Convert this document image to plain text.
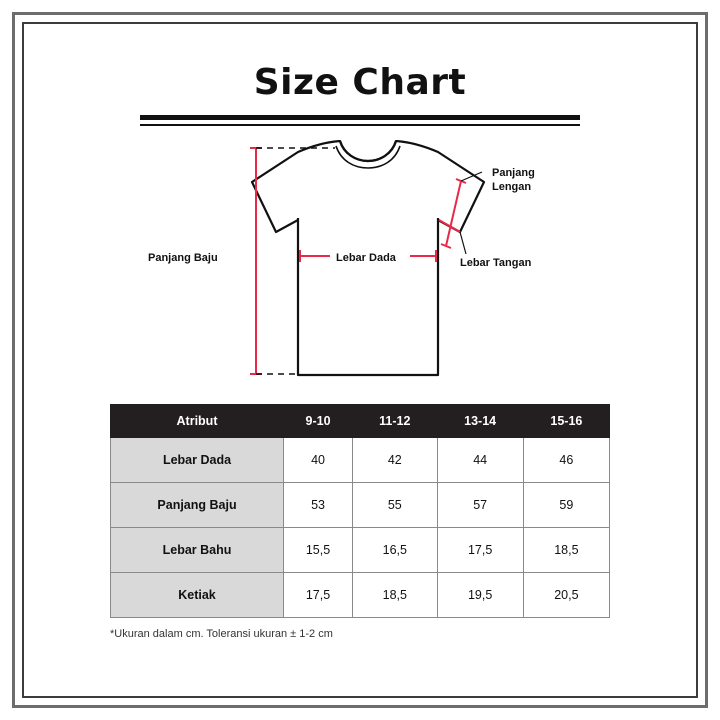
Size Chart
Panjang
Lengan
Lebar Tangan
Lebar Dada
Panjang Baju
Atribut	9-10	11-12	13-14	15-16
Lebar Dada	40	42	44	46
Panjang Baju	53	55	57	59
Lebar Bahu	15,5	16,5	17,5	18,5
Ketiak	17,5	18,5	19,5	20,5
*Ukuran dalam cm. Toleransi ukuran ± 1-2 cm
